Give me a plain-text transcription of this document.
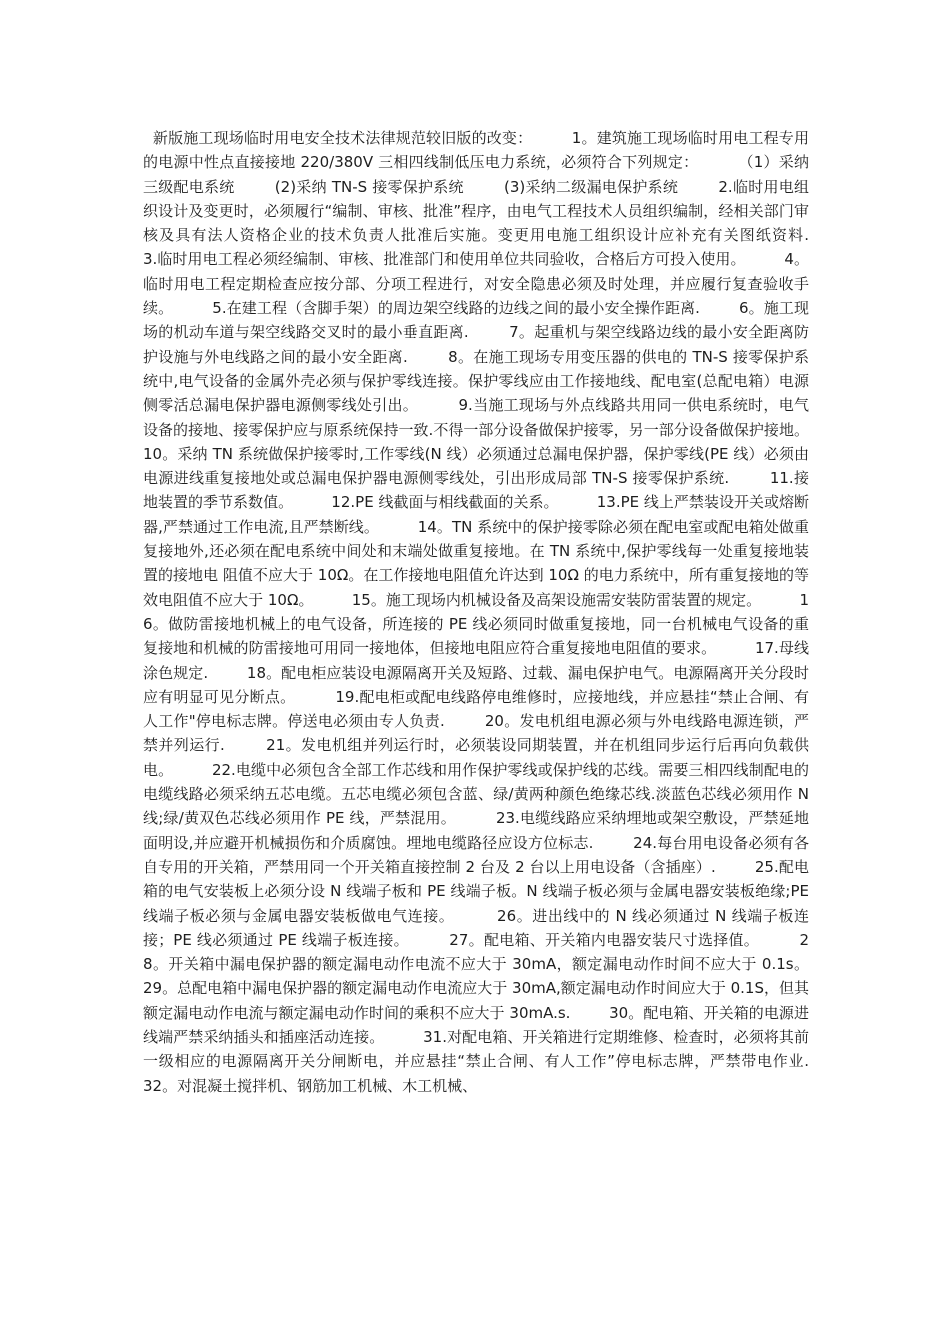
新版施工现场临时用电安全技术法律规范较旧版的改变：        1。建筑施工现场临时用电工程专用的电源中性点直接接地 220/380V 三相四线制低压电力系统，必须符合下列规定：        （1）采纳三级配电系统        (2)采纳 TN-S 接零保护系统        (3)采纳二级漏电保护系统        2.临时用电组织设计及变更时，必须履行“编制、审核、批准”程序，由电气工程技术人员组织编制，经相关部门审核及具有法人资格企业的技术负责人批准后实施。变更用电施工组织设计应补充有关图纸资料.        3.临时用电工程必须经编制、审核、批准部门和使用单位共同验收，合格后方可投入使用。        4。临时用电工程定期检查应按分部、分项工程进行，对安全隐患必须及时处理，并应履行复查验收手续。        5.在建工程（含脚手架）的周边架空线路的边线之间的最小安全操作距离.        6。施工现场的机动车道与架空线路交叉时的最小垂直距离.        7。起重机与架空线路边线的最小安全距离防护设施与外电线路之间的最小安全距离.        8。在施工现场专用变压器的供电的 TN-S 接零保护系统中,电气设备的金属外壳必须与保护零线连接。保护零线应由工作接地线、配电室(总配电箱）电源侧零活总漏电保护器电源侧零线处引出。        9.当施工现场与外点线路共用同一供电系统时，电气设备的接地、接零保护应与原系统保持一致.不得一部分设备做保护接零，另一部分设备做保护接地。        10。采纳 TN 系统做保护接零时,工作零线(N 线）必须通过总漏电保护器，保护零线(PE 线）必须由电源进线重复接地处或总漏电保护器电源侧零线处，引出形成局部 TN-S 接零保护系统.        11.接地装置的季节系数值。        12.PE 线截面与相线截面的关系。        13.PE 线上严禁装设开关或熔断器,严禁通过工作电流,且严禁断线。        14。TN 系统中的保护接零除必须在配电室或配电箱处做重复接地外,还必须在配电系统中间处和末端处做重复接地。在 TN 系统中,保护零线每一处重复接地装置的接地电 阻值不应大于 10Ω。在工作接地电阻值允许达到 10Ω 的电力系统中，所有重复接地的等效电阻值不应大于 10Ω。        15。施工现场内机械设备及高架设施需安装防雷装置的规定。        16。做防雷接地机械上的电气设备，所连接的 PE 线必须同时做重复接地，同一台机械电气设备的重复接地和机械的防雷接地可用同一接地体，但接地电阻应符合重复接地电阻值的要求。        17.母线涂色规定.        18。配电柜应装设电源隔离开关及短路、过载、漏电保护电气。电源隔离开关分段时应有明显可见分断点。        19.配电柜或配电线路停电维修时，应接地线，并应悬挂“禁止合闸、有人工作"停电标志牌。停送电必须由专人负责.        20。发电机组电源必须与外电线路电源连锁，严禁并列运行.        21。发电机组并列运行时，必须装设同期装置，并在机组同步运行后再向负载供电。        22.电缆中必须包含全部工作芯线和用作保护零线或保护线的芯线。需要三相四线制配电的电缆线路必须采纳五芯电缆。五芯电缆必须包含蓝、绿/黄两种颜色绝缘芯线.淡蓝色芯线必须用作 N 线;绿/黄双色芯线必须用作 PE 线，严禁混用。        23.电缆线路应采纳埋地或架空敷设，严禁延地面明设,并应避开机械损伤和介质腐蚀。埋地电缆路径应设方位标志.        24.每台用电设备必须有各自专用的开关箱，严禁用同一个开关箱直接控制 2 台及 2 台以上用电设备（含插座）.        25.配电箱的电气安装板上必须分设 N 线端子板和 PE 线端子板。N 线端子板必须与金属电器安装板绝缘;PE 线端子板必须与金属电器安装板做电气连接。        26。进出线中的 N 线必须通过 N 线端子板连接；PE 线必须通过 PE 线端子板连接。        27。配电箱、开关箱内电器安装尺寸选择值。        28。开关箱中漏电保护器的额定漏电动作电流不应大于 30mA，额定漏电动作时间不应大于 0.1s。        29。总配电箱中漏电保护器的额定漏电动作电流应大于 30mA,额定漏电动作时间应大于 0.1S，但其额定漏电动作电流与额定漏电动作时间的乘积不应大于 30mA.s.        30。配电箱、开关箱的电源进线端严禁采纳插头和插座活动连接。        31.对配电箱、开关箱进行定期维修、检查时，必须将其前一级相应的电源隔离开关分闸断电，并应悬挂“禁止合闸、有人工作”停电标志牌，严禁带电作业.        32。对混凝土搅拌机、钢筋加工机械、木工机械、
